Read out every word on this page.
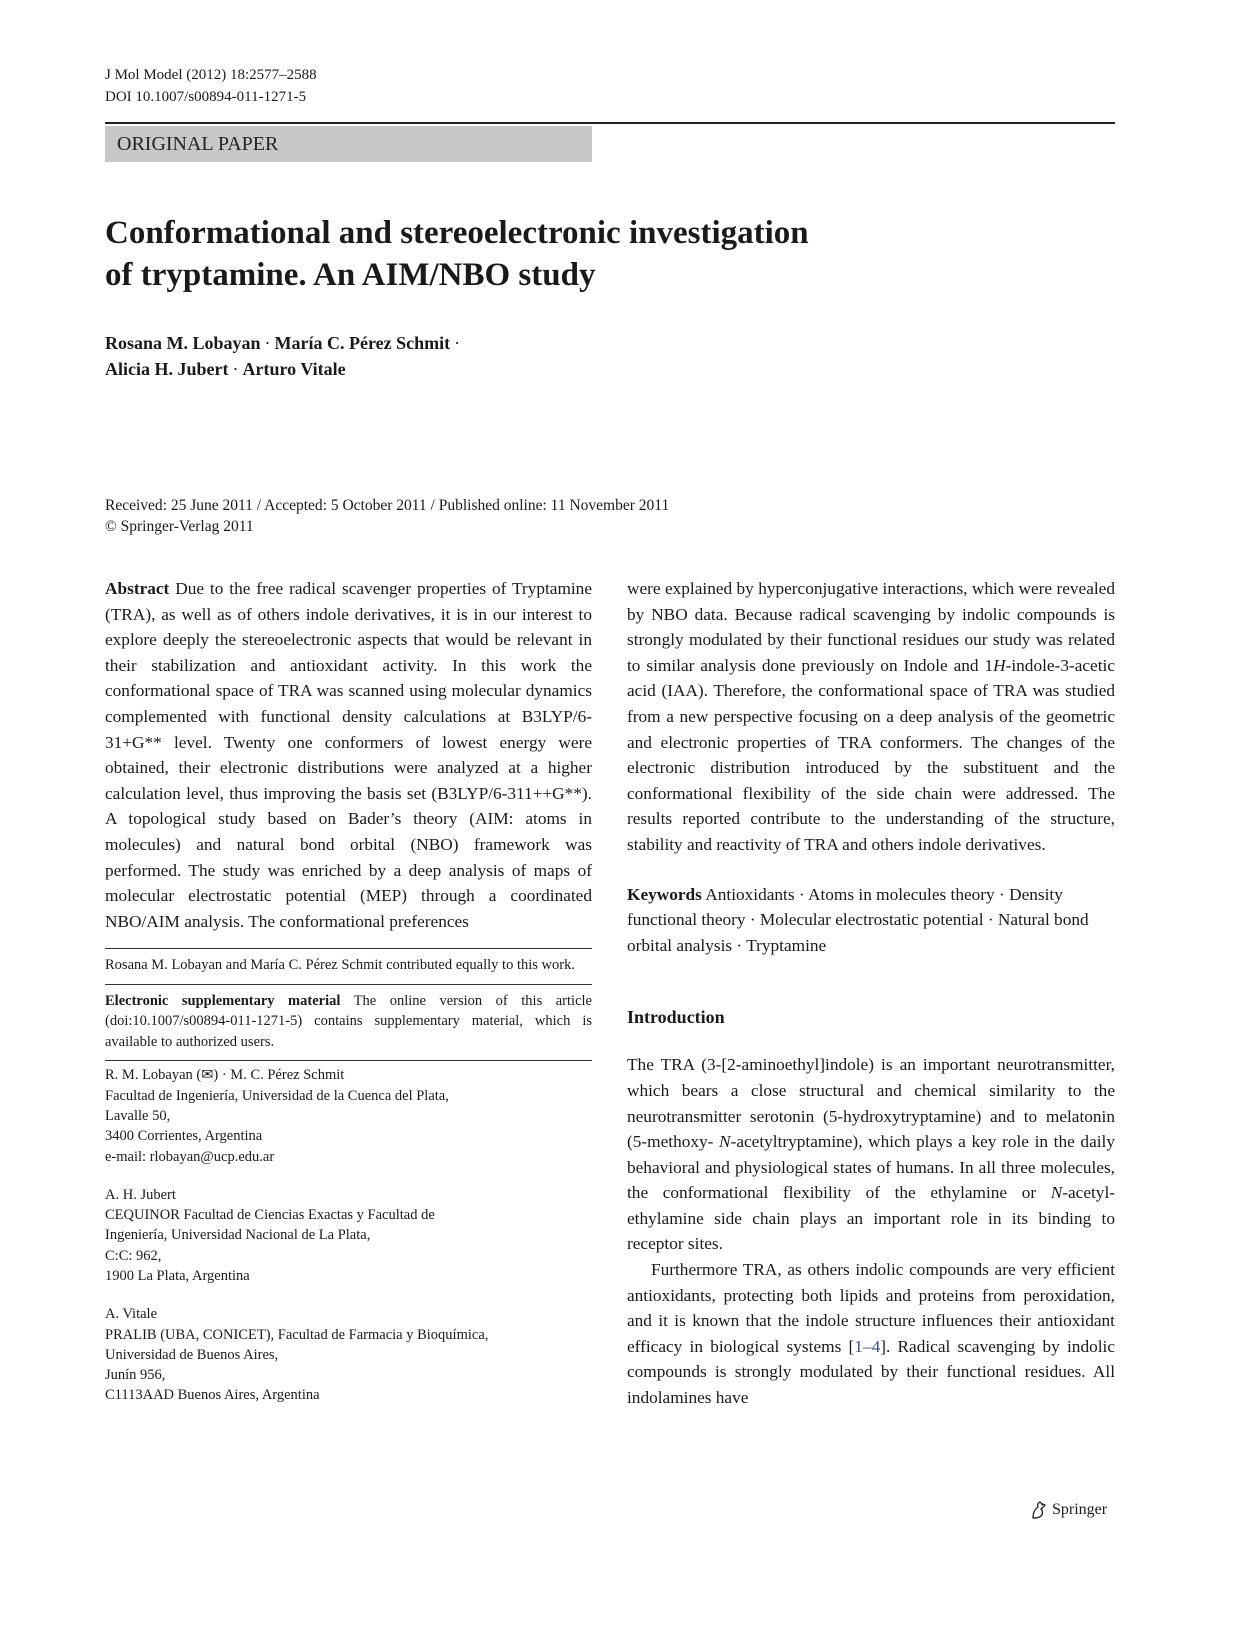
J Mol Model (2012) 18:2577–2588
DOI 10.1007/s00894-011-1271-5
ORIGINAL PAPER
Conformational and stereoelectronic investigation
of tryptamine. An AIM/NBO study
Rosana M. Lobayan · María C. Pérez Schmit ·
Alicia H. Jubert · Arturo Vitale
Received: 25 June 2011 / Accepted: 5 October 2011 / Published online: 11 November 2011
© Springer-Verlag 2011

Abstract Due to the free radical scavenger properties of Tryptamine (TRA), as well as of others indole derivatives, it is in our interest to explore deeply the stereoelectronic aspects that would be relevant in their stabilization and antioxidant activity. In this work the conformational space of TRA was scanned using molecular dynamics complemented with functional density calculations at B3LYP/6-31+G** level. Twenty one conformers of lowest energy were obtained, their electronic distributions were analyzed at a higher calculation level, thus improving the basis set (B3LYP/6-311++G**). A topological study based on Bader’s theory (AIM: atoms in molecules) and natural bond orbital (NBO) framework was performed. The study was enriched by a deep analysis of maps of molecular electrostatic potential (MEP) through a coordinated NBO/AIM analysis. The conformational preferences

Rosana M. Lobayan and María C. Pérez Schmit contributed equally to this work.

Electronic supplementary material The online version of this article (doi:10.1007/s00894-011-1271-5) contains supplementary material, which is available to authorized users.

R. M. Lobayan (✉) · M. C. Pérez Schmit
Facultad de Ingeniería, Universidad de la Cuenca del Plata,
Lavalle 50,
3400 Corrientes, Argentina
e-mail: rlobayan@ucp.edu.ar
A. H. Jubert
CEQUINOR Facultad de Ciencias Exactas y Facultad de
Ingeniería, Universidad Nacional de La Plata,
C:C: 962,
1900 La Plata, Argentina
A. Vitale
PRALIB (UBA, CONICET), Facultad de Farmacia y Bioquímica,
Universidad de Buenos Aires,
Junín 956,
C1113AAD Buenos Aires, Argentina

were explained by hyperconjugative interactions, which were revealed by NBO data. Because radical scavenging by indolic compounds is strongly modulated by their functional residues our study was related to similar analysis done previously on Indole and 1H-indole-3-acetic acid (IAA). Therefore, the conformational space of TRA was studied from a new perspective focusing on a deep analysis of the geometric and electronic properties of TRA conformers. The changes of the electronic distribution introduced by the substituent and the conformational flexibility of the side chain were addressed. The results reported contribute to the understanding of the structure, stability and reactivity of TRA and others indole derivatives.

Keywords Antioxidants · Atoms in molecules theory · Density functional theory · Molecular electrostatic potential · Natural bond orbital analysis · Tryptamine

Introduction

The TRA (3-[2-aminoethyl]indole) is an important neurotransmitter, which bears a close structural and chemical similarity to the neurotransmitter serotonin (5-hydroxytryptamine) and to melatonin (5-methoxy- N-acetyltryptamine), which plays a key role in the daily behavioral and physiological states of humans. In all three molecules, the conformational flexibility of the ethylamine or N-acetyl-ethylamine side chain plays an important role in its binding to receptor sites.

Furthermore TRA, as others indolic compounds are very efficient antioxidants, protecting both lipids and proteins from peroxidation, and it is known that the indole structure influences their antioxidant efficacy in biological systems [1–4]. Radical scavenging by indolic compounds is strongly modulated by their functional residues. All indolamines have

Springer
